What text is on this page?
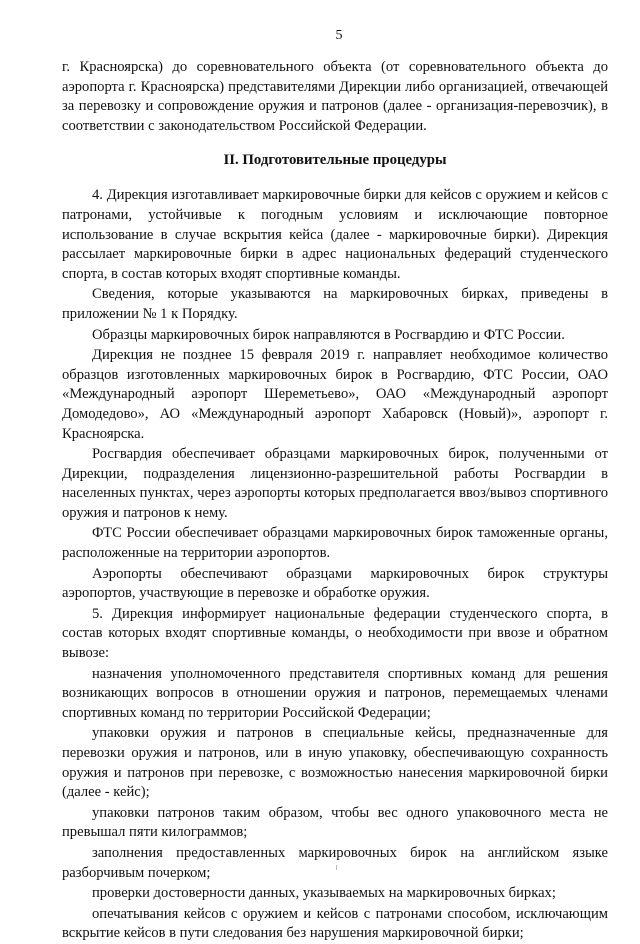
5

г. Красноярска) до соревновательного объекта (от соревновательного объекта до аэропорта г. Красноярска) представителями Дирекции либо организацией, отвечающей за перевозку и сопровождение оружия и патронов (далее - организация-перевозчик), в соответствии с законодательством Российской Федерации.

II. Подготовительные процедуры

4. Дирекция изготавливает маркировочные бирки для кейсов с оружием и кейсов с патронами, устойчивые к погодным условиям и исключающие повторное использование в случае вскрытия кейса (далее - маркировочные бирки). Дирекция рассылает маркировочные бирки в адрес национальных федераций студенческого спорта, в состав которых входят спортивные команды.

Сведения, которые указываются на маркировочных бирках, приведены в приложении № 1 к Порядку.

Образцы маркировочных бирок направляются в Росгвардию и ФТС России.

Дирекция не позднее 15 февраля 2019 г. направляет необходимое количество образцов изготовленных маркировочных бирок в Росгвардию, ФТС России, ОАО «Международный аэропорт Шереметьево», ОАО «Международный аэропорт Домодедово», АО «Международный аэропорт Хабаровск (Новый)», аэропорт г. Красноярска.

Росгвардия обеспечивает образцами маркировочных бирок, полученными от Дирекции, подразделения лицензионно-разрешительной работы Росгвардии в населенных пунктах, через аэропорты которых предполагается ввоз/вывоз спортивного оружия и патронов к нему.

ФТС России обеспечивает образцами маркировочных бирок таможенные органы, расположенные на территории аэропортов.

Аэропорты обеспечивают образцами маркировочных бирок структуры аэропортов, участвующие в перевозке и обработке оружия.

5. Дирекция информирует национальные федерации студенческого спорта, в состав которых входят спортивные команды, о необходимости при ввозе и обратном вывозе:

назначения уполномоченного представителя спортивных команд для решения возникающих вопросов в отношении оружия и патронов, перемещаемых членами спортивных команд по территории Российской Федерации;

упаковки оружия и патронов в специальные кейсы, предназначенные для перевозки оружия и патронов, или в иную упаковку, обеспечивающую сохранность оружия и патронов при перевозке, с возможностью нанесения маркировочной бирки (далее - кейс);

упаковки патронов таким образом, чтобы вес одного упаковочного места не превышал пяти килограммов;

заполнения предоставленных маркировочных бирок на английском языке разборчивым почерком;

проверки достоверности данных, указываемых на маркировочных бирках;

опечатывания кейсов с оружием и кейсов с патронами способом, исключающим вскрытие кейсов в пути следования без нарушения маркировочной бирки;
